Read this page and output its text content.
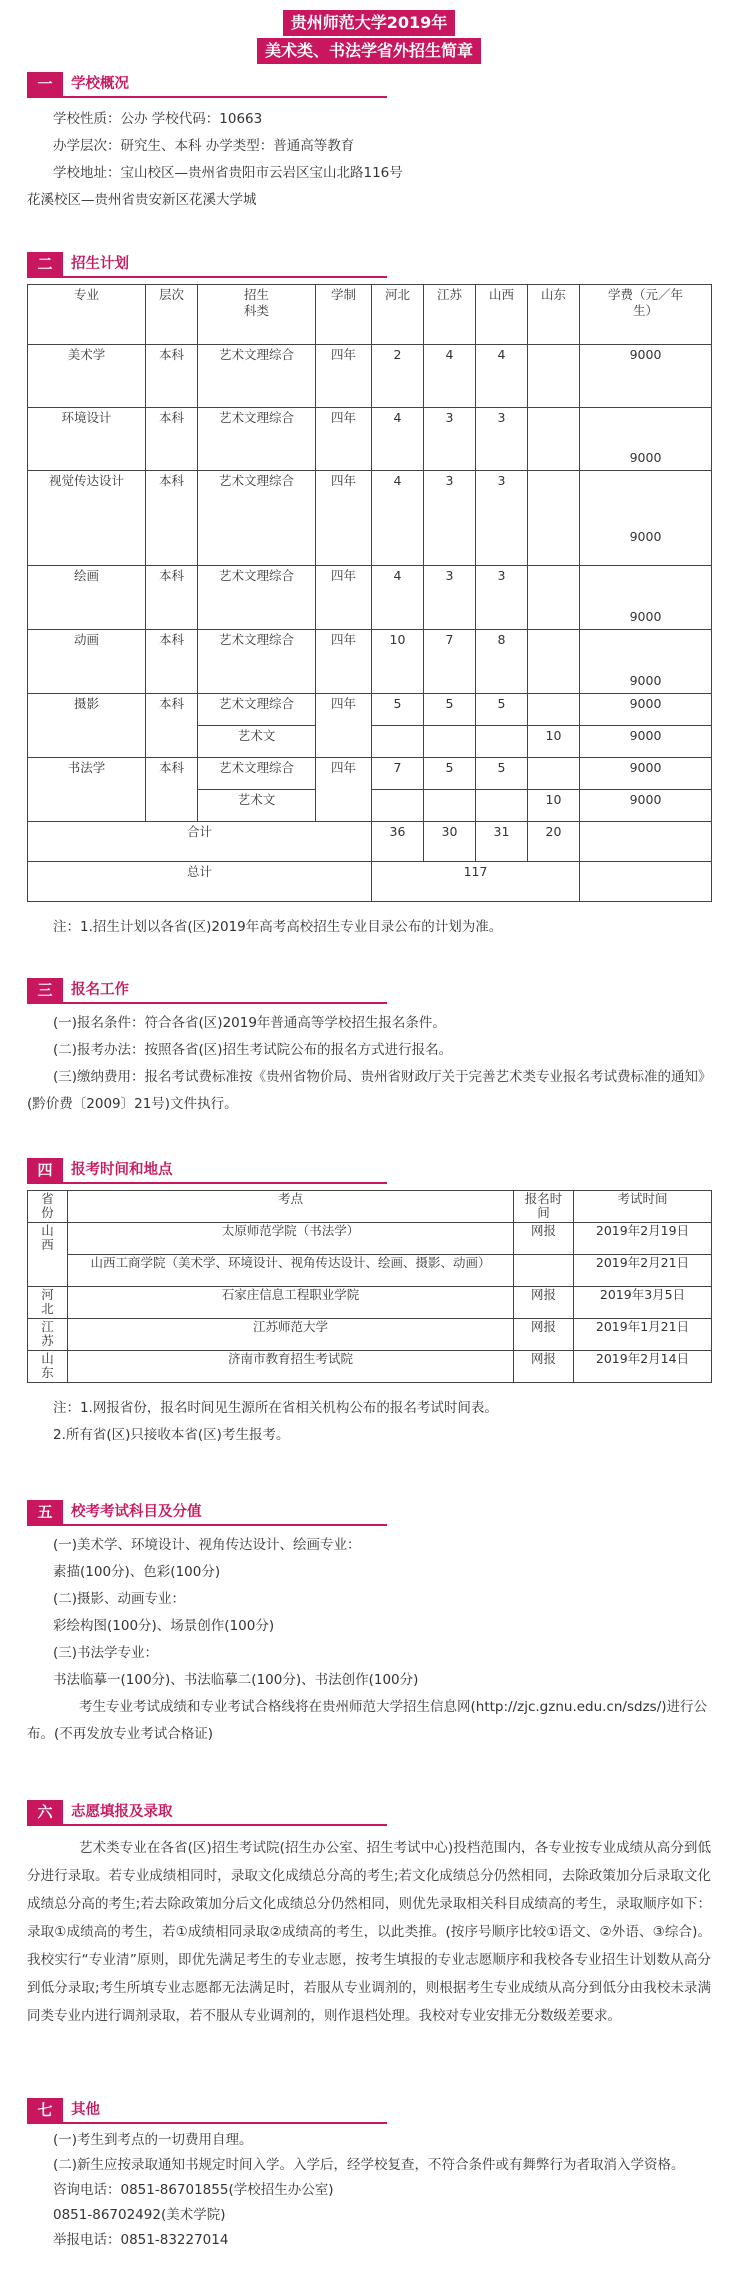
贵州师范大学2019年
美术类、书法学省外招生简章
一	学校概况
学校性质：公办 学校代码：10663
办学层次：研究生、本科 办学类型：普通高等教育
学校地址：宝山校区—贵州省贵阳市云岩区宝山北路116号
花溪校区—贵州省贵安新区花溪大学城
二	招生计划
专业	层次	招生科类	学制	河北	江苏	山西	山东	学费（元／年生）
美术学	本科	艺术文理综合	四年	2	4	4		9000
环境设计	本科	艺术文理综合	四年	4	3	3		9000
视觉传达设计	本科	艺术文理综合	四年	4	3	3		9000
绘画	本科	艺术文理综合	四年	4	3	3		9000
动画	本科	艺术文理综合	四年	10	7	8		9000
摄影	本科	艺术文理综合	四年	5	5	5		9000
		艺术文					10	9000
书法学	本科	艺术文理综合	四年	7	5	5		9000
		艺术文					10	9000
合计				36	30	31	20	
总计				117				
注：1.招生计划以各省(区)2019年高考高校招生专业目录公布的计划为准。
三	报名工作
(一)报名条件：符合各省(区)2019年普通高等学校招生报名条件。
(二)报考办法：按照各省(区)招生考试院公布的报名方式进行报名。
(三)缴纳费用：报名考试费标准按《贵州省物价局、贵州省财政厅关于完善艺术类专业报名考试费标准的通知》(黔价费〔2009〕21号)文件执行。
四	报考时间和地点
省份	考点	报名时间	考试时间
山西	太原师范学院（书法学）	网报	2019年2月19日
	山西工商学院（美术学、环境设计、视角传达设计、绘画、摄影、动画）		2019年2月21日
河北	石家庄信息工程职业学院	网报	2019年3月5日
江苏	江苏师范大学	网报	2019年1月21日
山东	济南市教育招生考试院	网报	2019年2月14日
注：1.网报省份，报名时间见生源所在省相关机构公布的报名考试时间表。
2.所有省(区)只接收本省(区)考生报考。
五	校考考试科目及分值
(一)美术学、环境设计、视角传达设计、绘画专业：
素描(100分)、色彩(100分)
(二)摄影、动画专业：
彩绘构图(100分)、场景创作(100分)
(三)书法学专业：
书法临摹一(100分)、书法临摹二(100分)、书法创作(100分)
考生专业考试成绩和专业考试合格线将在贵州师范大学招生信息网(http://zjc.gznu.edu.cn/sdzs/)进行公布。(不再发放专业考试合格证)
六	志愿填报及录取
艺术类专业在各省(区)招生考试院(招生办公室、招生考试中心)投档范围内，各专业按专业成绩从高分到低分进行录取。若专业成绩相同时，录取文化成绩总分高的考生;若文化成绩总分仍然相同，去除政策加分后录取文化成绩总分高的考生;若去除政策加分后文化成绩总分仍然相同，则优先录取相关科目成绩高的考生，录取顺序如下：录取①成绩高的考生，若①成绩相同录取②成绩高的考生，以此类推。(按序号顺序比较①语文、②外语、③综合)。我校实行“专业清”原则，即优先满足考生的专业志愿，按考生填报的专业志愿顺序和我校各专业招生计划数从高分到低分录取;考生所填专业志愿都无法满足时，若服从专业调剂的，则根据考生专业成绩从高分到低分由我校未录满同类专业内进行调剂录取，若不服从专业调剂的，则作退档处理。我校对专业安排无分数级差要求。
七	其他
(一)考生到考点的一切费用自理。
(二)新生应按录取通知书规定时间入学。入学后，经学校复查，不符合条件或有舞弊行为者取消入学资格。
咨询电话：0851-86701855(学校招生办公室)
0851-86702492(美术学院)
举报电话：0851-83227014
